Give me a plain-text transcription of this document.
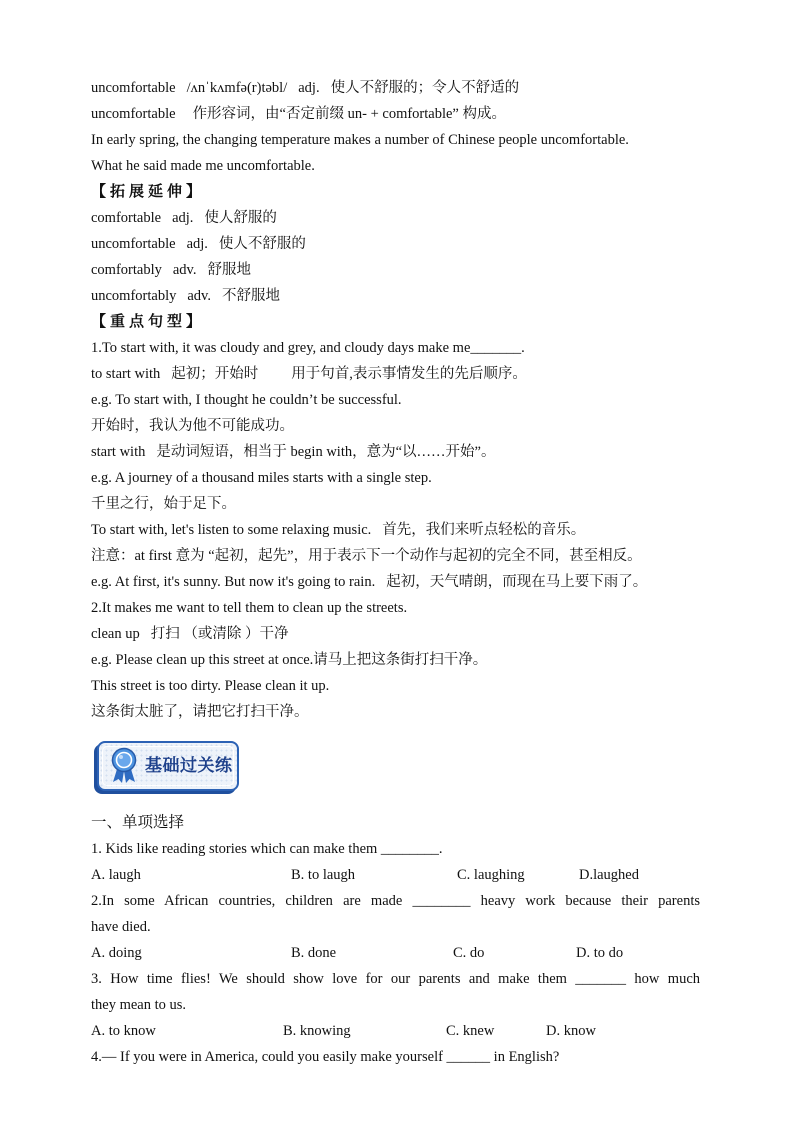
uncomfortable /ʌnˈkʌmfə(r)təbl/ adj. 使人不舒服的；令人不舒适的
uncomfortable 作形容词，由“否定前缀 un- + comfortable” 构成。
In early spring, the changing temperature makes a number of Chinese people uncomfortable.
What he said made me uncomfortable.
【拓展延伸】
comfortable adj. 使人舒服的
uncomfortable adj. 使人不舒服的
comfortably adv. 舒服地
uncomfortably adv. 不舒服地
【重点句型】
1.To start with, it was cloudy and grey, and cloudy days make me_______.
to start with 起初；开始时 用于句首,表示事情发生的先后顺序。
e.g. To start with, I thought he couldn’t be successful.
开始时，我认为他不可能成功。
start with 是动词短语，相当于 begin with，意为“以……开始”。
e.g. A journey of a thousand miles starts with a single step.
千里之行，始于足下。
To start with, let's listen to some relaxing music. 首先，我们来听点轻松的音乐。
注意：at first 意为 “起初，起先”，用于表示下一个动作与起初的完全不同，甚至相反。
e.g. At first, it's sunny. But now it's going to rain. 起初，天气晴朗，而现在马上要下雨了。
2.It makes me want to tell them to clean up the streets.
clean up 打扫 （或清除 ）干净
e.g. Please clean up this street at once.请马上把这条街打扫干净。
This street is too dirty. Please clean it up.
这条街太脏了，请把它打扫干净。
基础过关练
一、单项选择
1. Kids like reading stories which can make them ________.
A. laugh	B. to laugh	C. laughing	D.laughed
2.In some African countries, children are made ________ heavy work because their parents
have died.
A. doing	B. done	C. do	D. to do
3. How time flies! We should show love for our parents and make them _______ how much
they mean to us.
A. to know	B. knowing	C. knew	D. know
4.— If you were in America, could you easily make yourself ______ in English?
